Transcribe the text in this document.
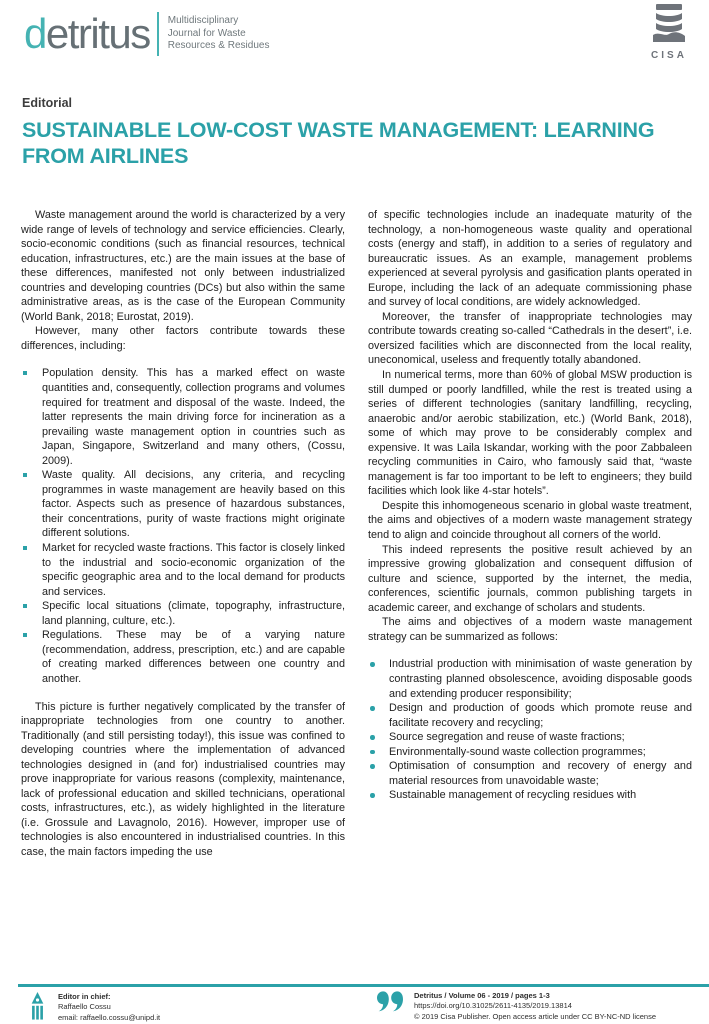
detritus Multidisciplinary
Journal for Waste
Resources & Residues
CISA
Editorial
SUSTAINABLE LOW-COST WASTE MANAGEMENT: LEARNING FROM AIRLINES

Waste management around the world is characterized by a very wide range of levels of technology and service efficiencies. Clearly, socio-economic conditions (such as financial resources, technical education, infrastructures, etc.) are the main issues at the base of these differences, manifested not only between industrialized countries and developing countries (DCs) but also within the same administrative areas, as is the case of the European Community (World Bank, 2018; Eurostat, 2019).

However, many other factors contribute towards these differences, including:

Population density. This has a marked effect on waste quantities and, consequently, collection programs and volumes required for treatment and disposal of the waste. Indeed, the latter represents the main driving force for incineration as a prevailing waste management option in countries such as Japan, Singapore, Switzerland and many others, (Cossu, 2009).
Waste quality. All decisions, any criteria, and recycling programmes in waste management are heavily based on this factor. Aspects such as presence of hazardous substances, their concentrations, purity of waste fractions might originate different solutions.
Market for recycled waste fractions. This factor is closely linked to the industrial and socio-economic organization of the specific geographic area and to the local demand for products and services.
Specific local situations (climate, topography, infrastructure, land planning, culture, etc.).
Regulations. These may be of a varying nature (recommendation, address, prescription, etc.) and are capable of creating marked differences between one country and another.

This picture is further negatively complicated by the transfer of inappropriate technologies from one country to another. Traditionally (and still persisting today!), this issue was confined to developing countries where the implementation of advanced technologies designed in (and for) industrialised countries may prove inappropriate for various reasons (complexity, maintenance, lack of professional education and skilled technicians, operational costs, infrastructures, etc.), as widely highlighted in the literature (i.e. Grossule and Lavagnolo, 2016). However, improper use of technologies is also encountered in industrialised countries. In this case, the main factors impeding the use

of specific technologies include an inadequate maturity of the technology, a non-homogeneous waste quality and operational costs (energy and staff), in addition to a series of regulatory and bureaucratic issues. As an example, management problems experienced at several pyrolysis and gasification plants operated in Europe, including the lack of an adequate commissioning phase and survey of local conditions, are widely acknowledged.

Moreover, the transfer of inappropriate technologies may contribute towards creating so-called “Cathedrals in the desert”, i.e. oversized facilities which are disconnected from the local reality, uneconomical, useless and frequently totally abandoned.

In numerical terms, more than 60% of global MSW production is still dumped or poorly landfilled, while the rest is treated using a series of different technologies (sanitary landfilling, recycling, anaerobic and/or aerobic stabilization, etc.) (World Bank, 2018), some of which may prove to be considerably complex and expensive. It was Laila Iskandar, working with the poor Zabbaleen recycling communities in Cairo, who famously said that, “waste management is far too important to be left to engineers; they build facilities which look like 4-star hotels”.

Despite this inhomogeneous scenario in global waste treatment, the aims and objectives of a modern waste management strategy tend to align and coincide throughout all corners of the world.

This indeed represents the positive result achieved by an impressive growing globalization and consequent diffusion of culture and science, supported by the internet, the media, conferences, scientific journals, common publishing targets in academic career, and exchange of scholars and students.

The aims and objectives of a modern waste management strategy can be summarized as follows:

Industrial production with minimisation of waste generation by contrasting planned obsolescence, avoiding disposable goods and extending producer responsibility;
Design and production of goods which promote reuse and facilitate recovery and recycling;
Source segregation and reuse of waste fractions;
Environmentally-sound waste collection programmes;
Optimisation of consumption and recovery of energy and material resources from unavoidable waste;
Sustainable management of recycling residues with
Editor in chief:
Raffaello Cossu
email: raffaello.cossu@unipd.it
Detritus / Volume 06 - 2019 / pages 1-3
https://doi.org/10.31025/2611-4135/2019.13814
© 2019 Cisa Publisher. Open access article under CC BY-NC-ND license
